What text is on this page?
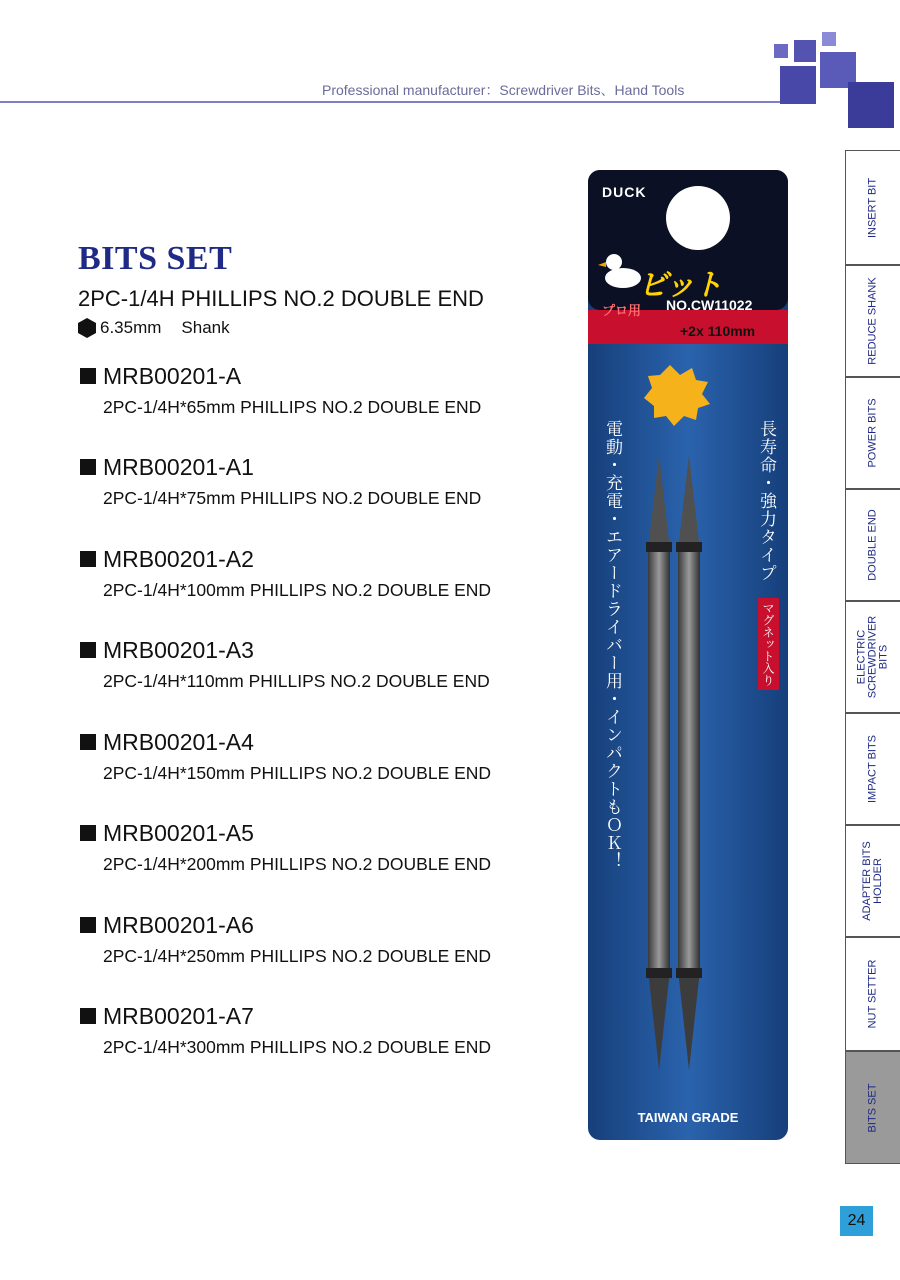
Professional manufacturer：Screwdriver Bits、Hand Tools
BITS SET
2PC-1/4H PHILLIPS NO.2 DOUBLE END
6.35mm Shank
MRB00201-A
2PC-1/4H*65mm PHILLIPS NO.2 DOUBLE END
MRB00201-A1
2PC-1/4H*75mm PHILLIPS NO.2 DOUBLE END
MRB00201-A2
2PC-1/4H*100mm PHILLIPS NO.2 DOUBLE END
MRB00201-A3
2PC-1/4H*110mm PHILLIPS NO.2 DOUBLE END
MRB00201-A4
2PC-1/4H*150mm PHILLIPS NO.2 DOUBLE END
MRB00201-A5
2PC-1/4H*200mm PHILLIPS NO.2 DOUBLE END
MRB00201-A6
2PC-1/4H*250mm PHILLIPS NO.2 DOUBLE END
MRB00201-A7
2PC-1/4H*300mm PHILLIPS NO.2 DOUBLE END
DUCK
ビット
プロ用 NO.CW11022
+2x 110mm
電動・充電・エアードライバー用・インパクトもＯＫ！	長寿命・強力タイプ
マグネット入り
TAIWAN GRADE
INSERT BIT
REDUCE SHANK
POWER BITS
DOUBLE END
ELECTRIC SCREWDRIVER BITS
IMPACT BITS
ADAPTER BITS HOLDER
NUT SETTER
BITS SET
24
